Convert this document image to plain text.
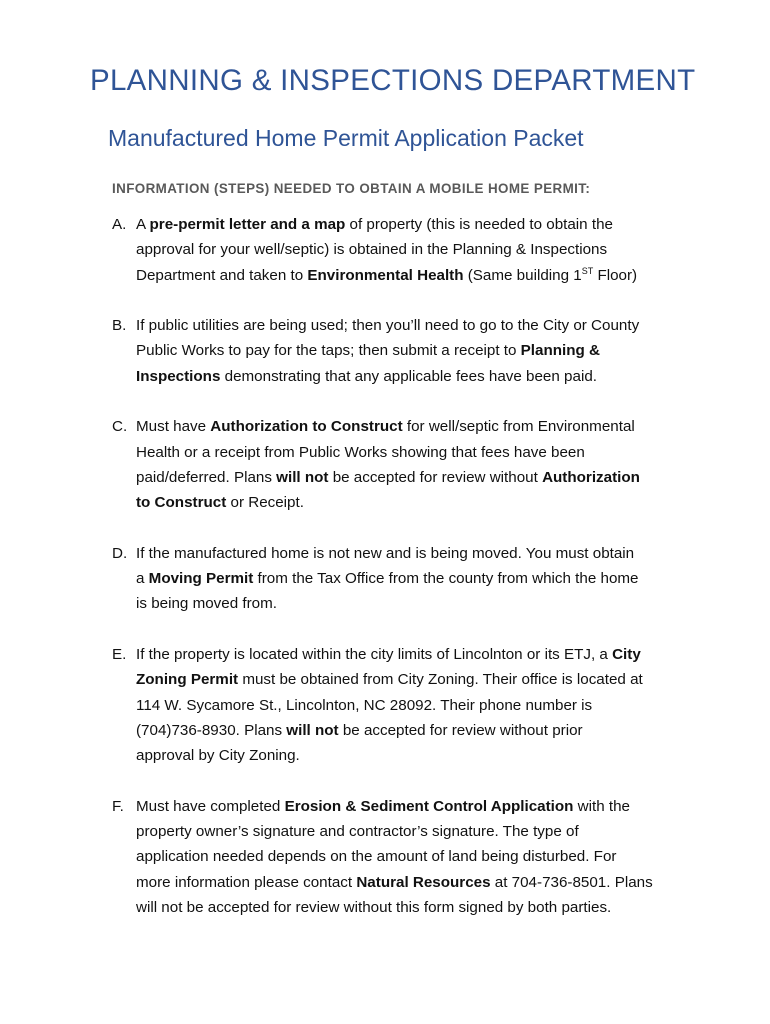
PLANNING & INSPECTIONS DEPARTMENT
Manufactured Home Permit Application Packet
INFORMATION (STEPS) NEEDED TO OBTAIN A MOBILE HOME PERMIT:
A. A pre-permit letter and a map of property (this is needed to obtain the
approval for your well/septic) is obtained in the Planning & Inspections
Department and taken to Environmental Health (Same building 1ST Floor)
B. If public utilities are being used; then you’ll need to go to the City or County
Public Works to pay for the taps; then submit a receipt to Planning &
Inspections demonstrating that any applicable fees have been paid.
C. Must have Authorization to Construct for well/septic from Environmental
Health or a receipt from Public Works showing that fees have been
paid/deferred. Plans will not be accepted for review without Authorization
to Construct or Receipt.
D. If the manufactured home is not new and is being moved. You must obtain
a Moving Permit from the Tax Office from the county from which the home
is being moved from.
E. If the property is located within the city limits of Lincolnton or its ETJ, a City
Zoning Permit must be obtained from City Zoning. Their office is located at
114 W. Sycamore St., Lincolnton, NC 28092. Their phone number is
(704)736-8930. Plans will not be accepted for review without prior
approval by City Zoning.
F. Must have completed Erosion & Sediment Control Application with the
property owner’s signature and contractor’s signature. The type of
application needed depends on the amount of land being disturbed. For
more information please contact Natural Resources at 704-736-8501. Plans
will not be accepted for review without this form signed by both parties.
